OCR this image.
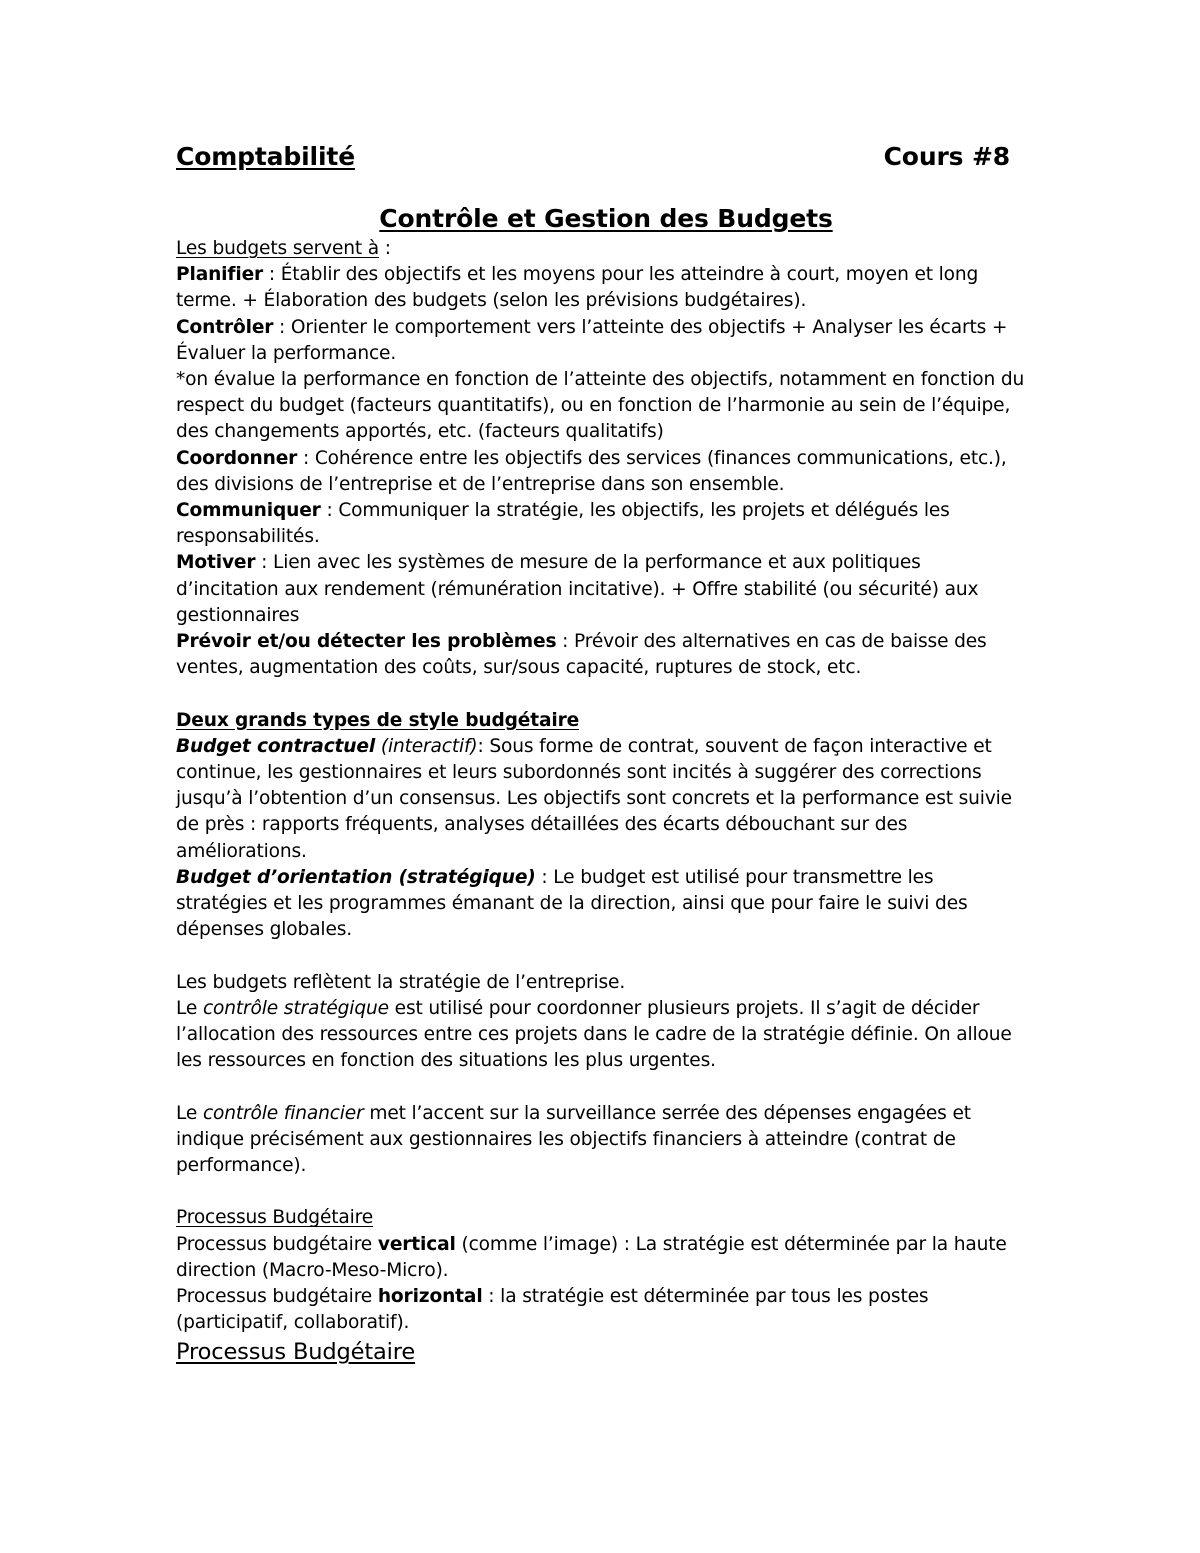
Comptabilité	Cours #8
Contrôle et Gestion des Budgets

Les budgets servent à :

Planifier : Établir des objectifs et les moyens pour les atteindre à court, moyen et long terme. + Élaboration des budgets (selon les prévisions budgétaires).

Contrôler : Orienter le comportement vers l’atteinte des objectifs + Analyser les écarts + Évaluer la performance.

*on évalue la performance en fonction de l’atteinte des objectifs, notamment en fonction du respect du budget (facteurs quantitatifs), ou en fonction de l’harmonie au sein de l’équipe, des changements apportés, etc. (facteurs qualitatifs)

Coordonner : Cohérence entre les objectifs des services (finances communications, etc.), des divisions de l’entreprise et de l’entreprise dans son ensemble.

Communiquer : Communiquer la stratégie, les objectifs, les projets et délégués les responsabilités.

Motiver : Lien avec les systèmes de mesure de la performance et aux politiques d’incitation aux rendement (rémunération incitative). + Offre stabilité (ou sécurité) aux gestionnaires

Prévoir et/ou détecter les problèmes : Prévoir des alternatives en cas de baisse des ventes, augmentation des coûts, sur/sous capacité, ruptures de stock, etc.

Deux grands types de style budgétaire

Budget contractuel (interactif): Sous forme de contrat, souvent de façon interactive et continue, les gestionnaires et leurs subordonnés sont incités à suggérer des corrections jusqu’à l’obtention d’un consensus. Les objectifs sont concrets et la performance est suivie de près : rapports fréquents, analyses détaillées des écarts débouchant sur des améliorations.

Budget d’orientation (stratégique) : Le budget est utilisé pour transmettre les stratégies et les programmes émanant de la direction, ainsi que pour faire le suivi des dépenses globales.

Les budgets reflètent la stratégie de l’entreprise.

Le contrôle stratégique est utilisé pour coordonner plusieurs projets. Il s’agit de décider l’allocation des ressources entre ces projets dans le cadre de la stratégie définie. On alloue les ressources en fonction des situations les plus urgentes.

Le contrôle financier met l’accent sur la surveillance serrée des dépenses engagées et indique précisément aux gestionnaires les objectifs financiers à atteindre (contrat de performance).

Processus Budgétaire

Processus budgétaire vertical (comme l’image) : La stratégie est déterminée par la haute direction (Macro-Meso-Micro).

Processus budgétaire horizontal : la stratégie est déterminée par tous les postes (participatif, collaboratif).

Processus Budgétaire
